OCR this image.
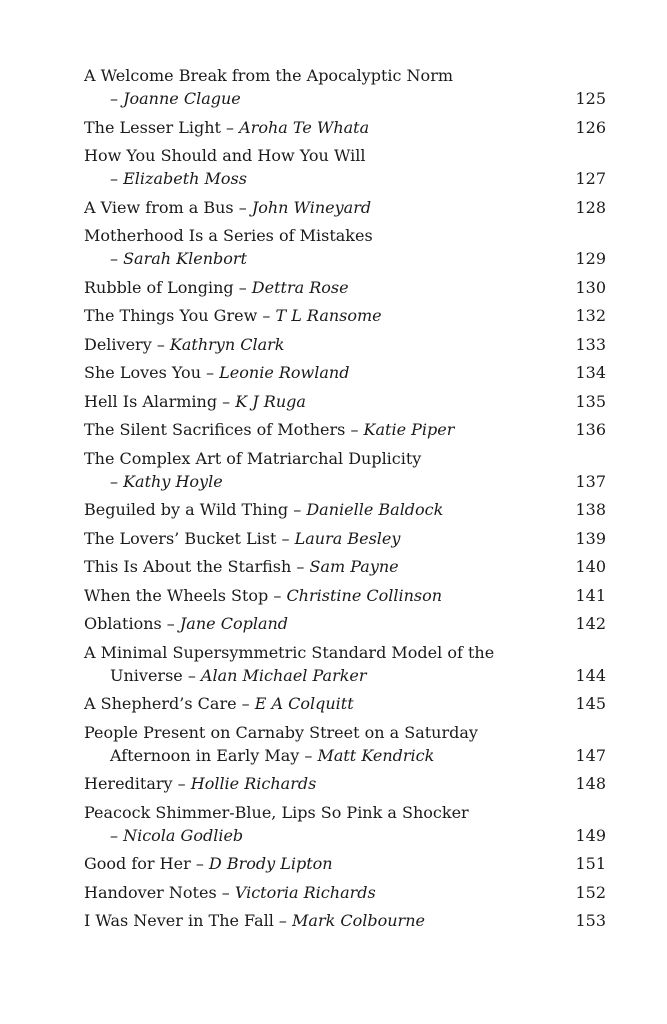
A Welcome Break from the Apocalyptic Norm
– Joanne Clague	125
The Lesser Light – Aroha Te Whata	126
How You Should and How You Will
– Elizabeth Moss	127
A View from a Bus – John Wineyard	128
Motherhood Is a Series of Mistakes
– Sarah Klenbort	129
Rubble of Longing – Dettra Rose	130
The Things You Grew – T L Ransome	132
Delivery – Kathryn Clark	133
She Loves You – Leonie Rowland	134
Hell Is Alarming – K J Ruga	135
The Silent Sacrifices of Mothers – Katie Piper	136
The Complex Art of Matriarchal Duplicity
– Kathy Hoyle	137
Beguiled by a Wild Thing – Danielle Baldock	138
The Lovers’ Bucket List – Laura Besley	139
This Is About the Starfish – Sam Payne	140
When the Wheels Stop – Christine Collinson	141
Oblations – Jane Copland	142
A Minimal Supersymmetric Standard Model of the
Universe – Alan Michael Parker	144
A Shepherd’s Care – E A Colquitt	145
People Present on Carnaby Street on a Saturday
Afternoon in Early May – Matt Kendrick	147
Hereditary – Hollie Richards	148
Peacock Shimmer-Blue, Lips So Pink a Shocker
– Nicola Godlieb	149
Good for Her – D Brody Lipton	151
Handover Notes – Victoria Richards	152
I Was Never in The Fall – Mark Colbourne	153
